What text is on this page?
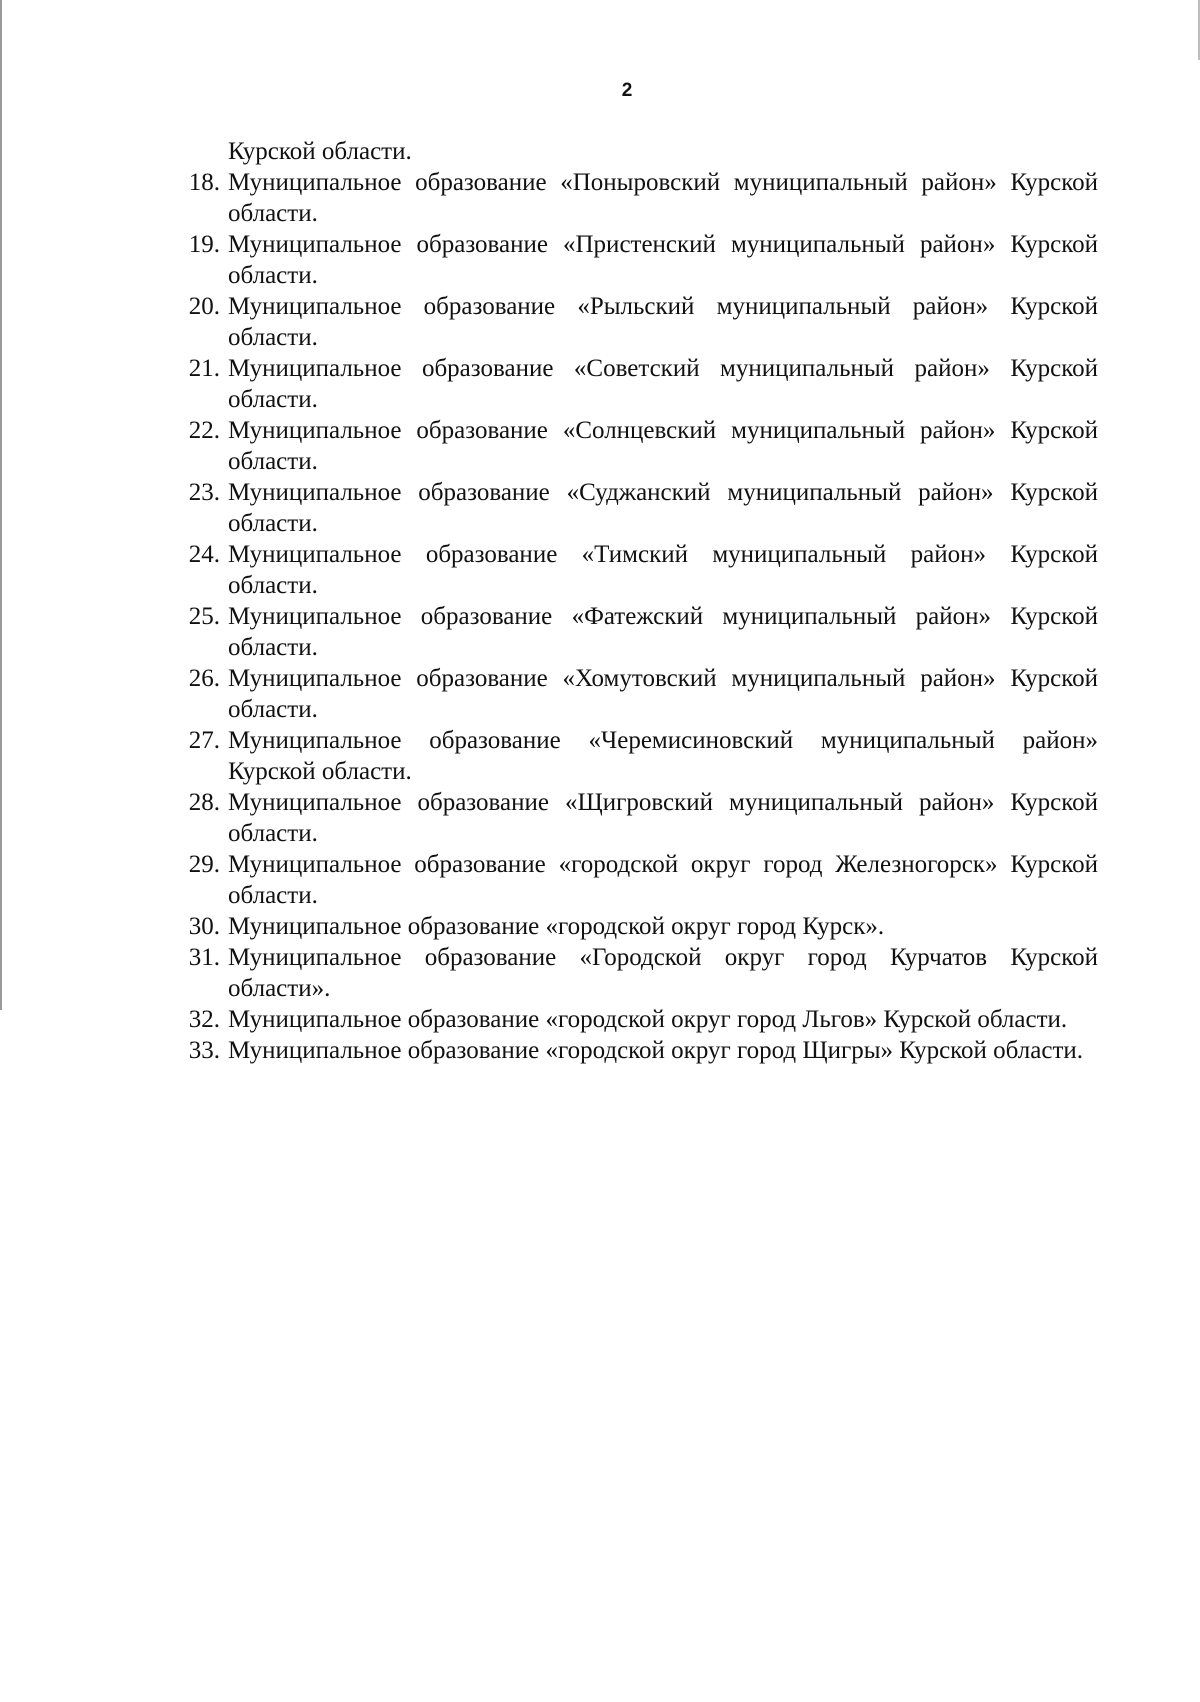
2
Курской области.
18. Муниципальное образование «Поныровский муниципальный район» Курской области.
19. Муниципальное образование «Пристенский муниципальный район» Курской области.
20. Муниципальное образование «Рыльский муниципальный район» Курской области.
21. Муниципальное образование «Советский муниципальный район» Курской области.
22. Муниципальное образование «Солнцевский муниципальный район» Курской области.
23. Муниципальное образование «Суджанский муниципальный район» Курской области.
24. Муниципальное образование «Тимский муниципальный район» Курской области.
25. Муниципальное образование «Фатежский муниципальный район» Курской области.
26. Муниципальное образование «Хомутовский муниципальный район» Курской области.
27. Муниципальное образование «Черемисиновский муниципальный район» Курской области.
28. Муниципальное образование «Щигровский муниципальный район» Курской области.
29. Муниципальное образование «городской округ город Железногорск» Курской области.
30. Муниципальное образование «городской округ город Курск».
31. Муниципальное образование «Городской округ город Курчатов Курской области».
32. Муниципальное образование «городской округ город Льгов» Курской области.
33. Муниципальное образование «городской округ город Щигры» Курской области.
